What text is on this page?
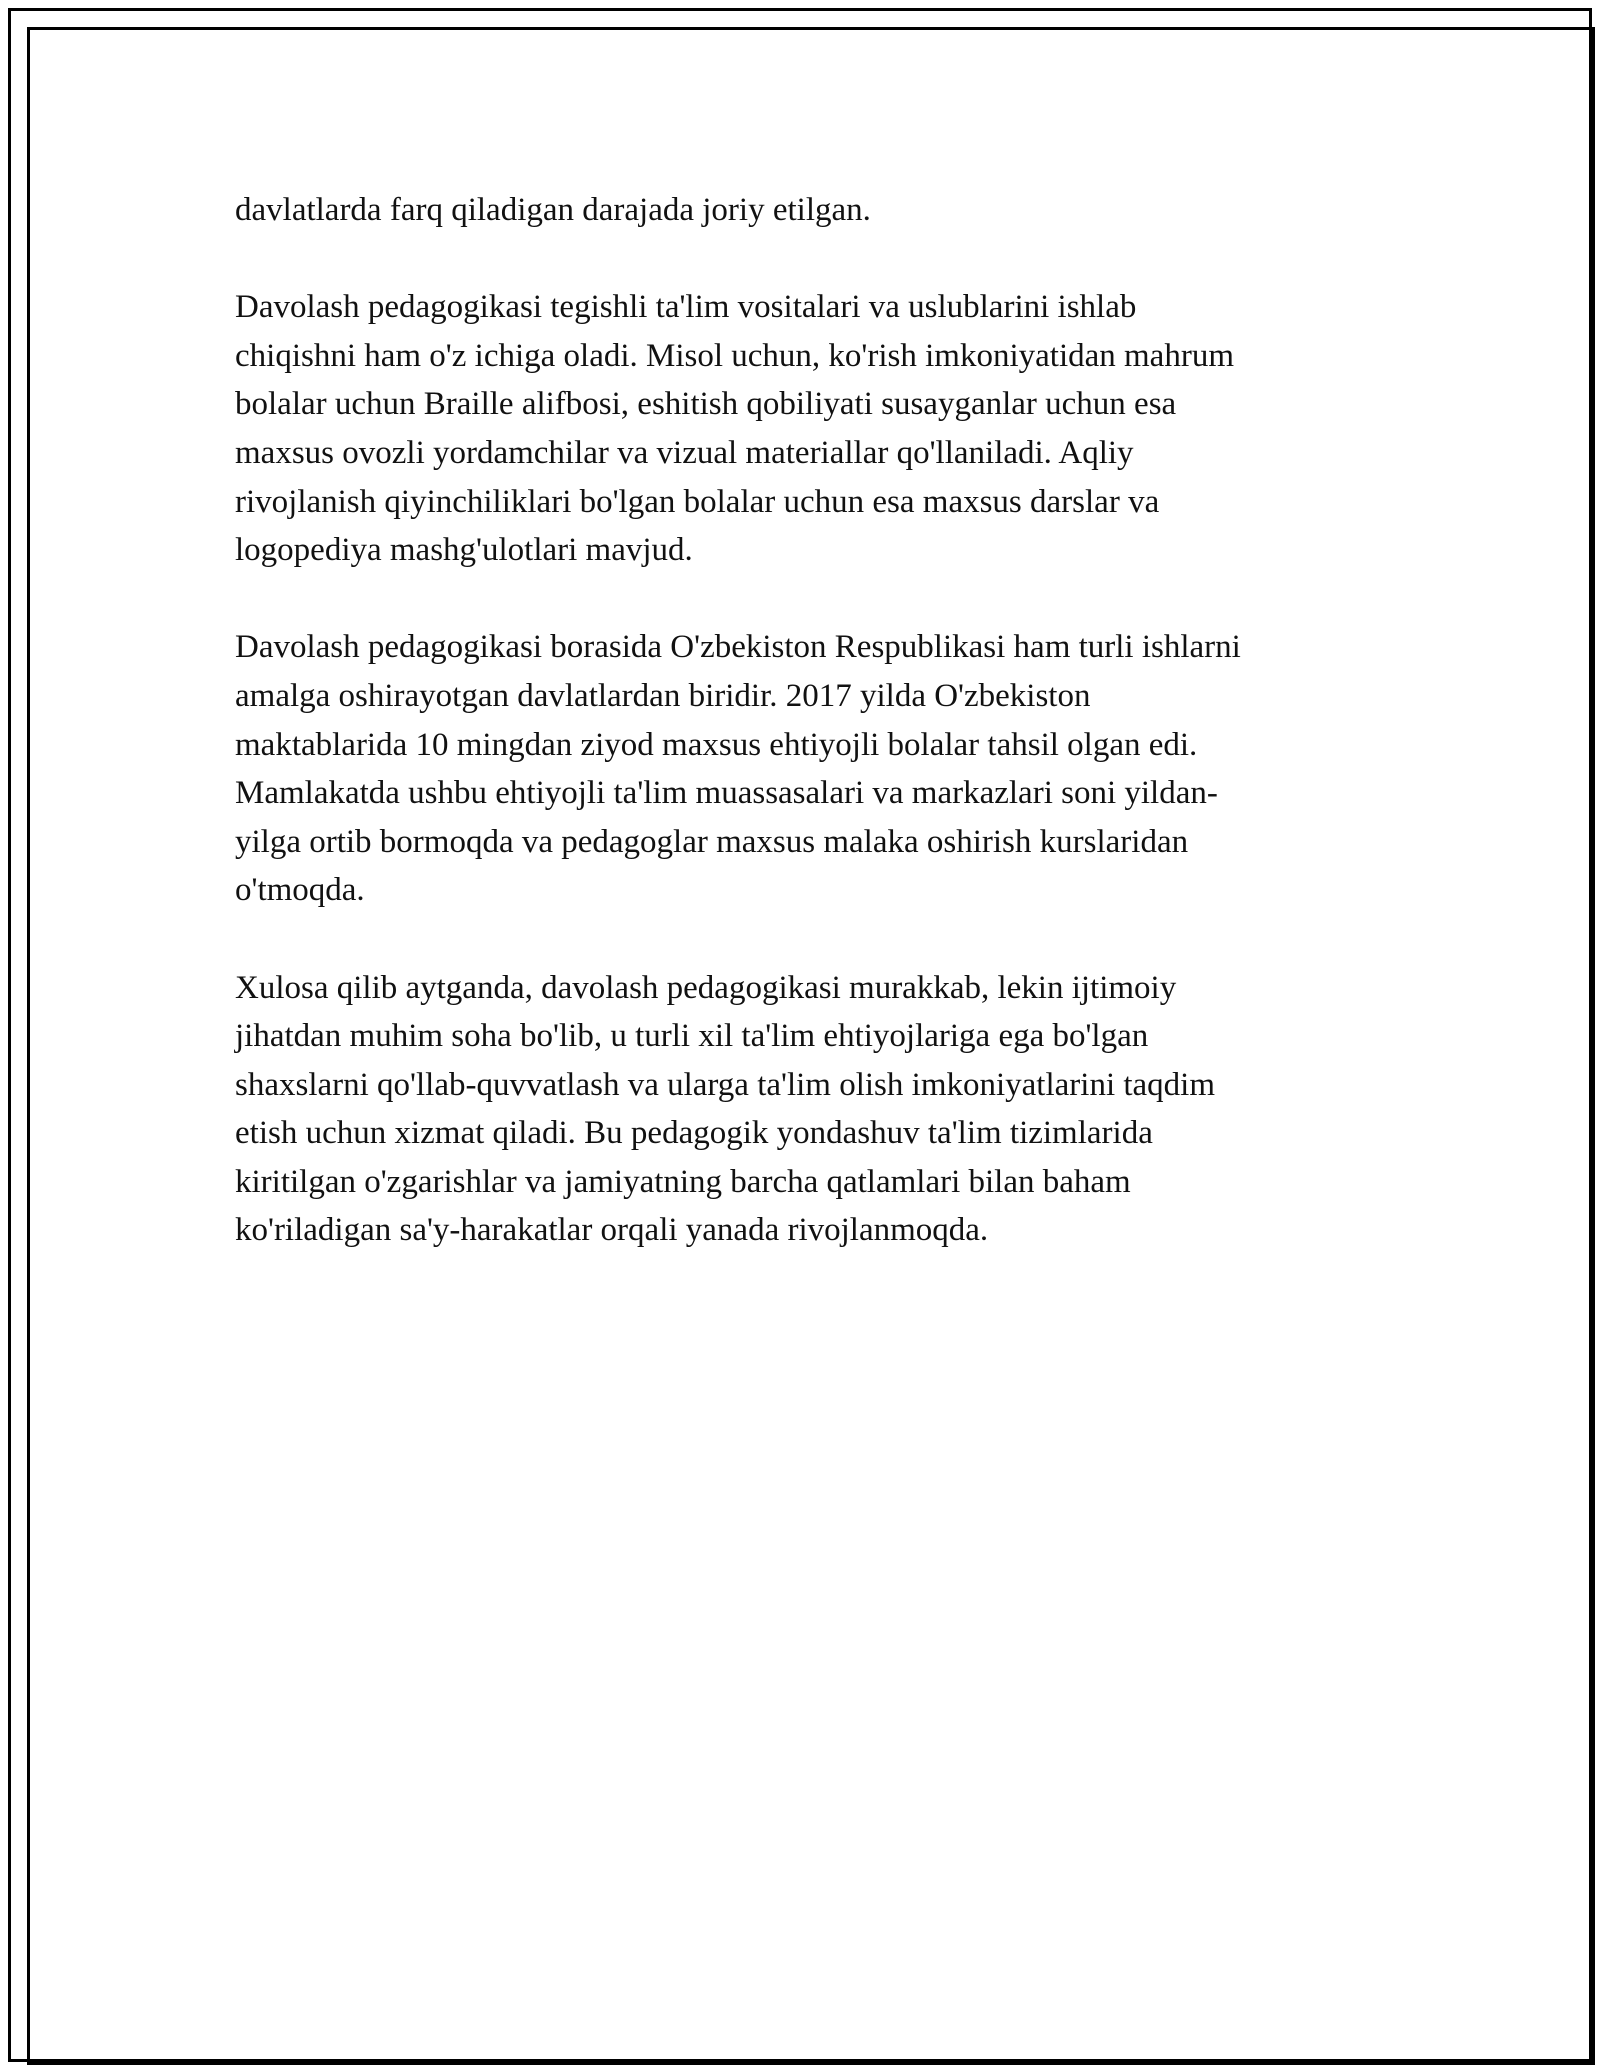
davlatlarda farq qiladigan darajada joriy etilgan.

Davolash pedagogikasi tegishli ta'lim vositalari va uslublarini ishlab
chiqishni ham o'z ichiga oladi. Misol uchun, ko'rish imkoniyatidan mahrum
bolalar uchun Braille alifbosi, eshitish qobiliyati susayganlar uchun esa
maxsus ovozli yordamchilar va vizual materiallar qo'llaniladi. Aqliy
rivojlanish qiyinchiliklari bo'lgan bolalar uchun esa maxsus darslar va
logopediya mashg'ulotlari mavjud.

Davolash pedagogikasi borasida O'zbekiston Respublikasi ham turli ishlarni
amalga oshirayotgan davlatlardan biridir. 2017 yilda O'zbekiston
maktablarida 10 mingdan ziyod maxsus ehtiyojli bolalar tahsil olgan edi.
Mamlakatda ushbu ehtiyojli ta'lim muassasalari va markazlari soni yildan-
yilga ortib bormoqda va pedagoglar maxsus malaka oshirish kurslaridan
o'tmoqda.

Xulosa qilib aytganda, davolash pedagogikasi murakkab, lekin ijtimoiy
jihatdan muhim soha bo'lib, u turli xil ta'lim ehtiyojlariga ega bo'lgan
shaxslarni qo'llab-quvvatlash va ularga ta'lim olish imkoniyatlarini taqdim
etish uchun xizmat qiladi. Bu pedagogik yondashuv ta'lim tizimlarida
kiritilgan o'zgarishlar va jamiyatning barcha qatlamlari bilan baham
ko'riladigan sa'y-harakatlar orqali yanada rivojlanmoqda.
